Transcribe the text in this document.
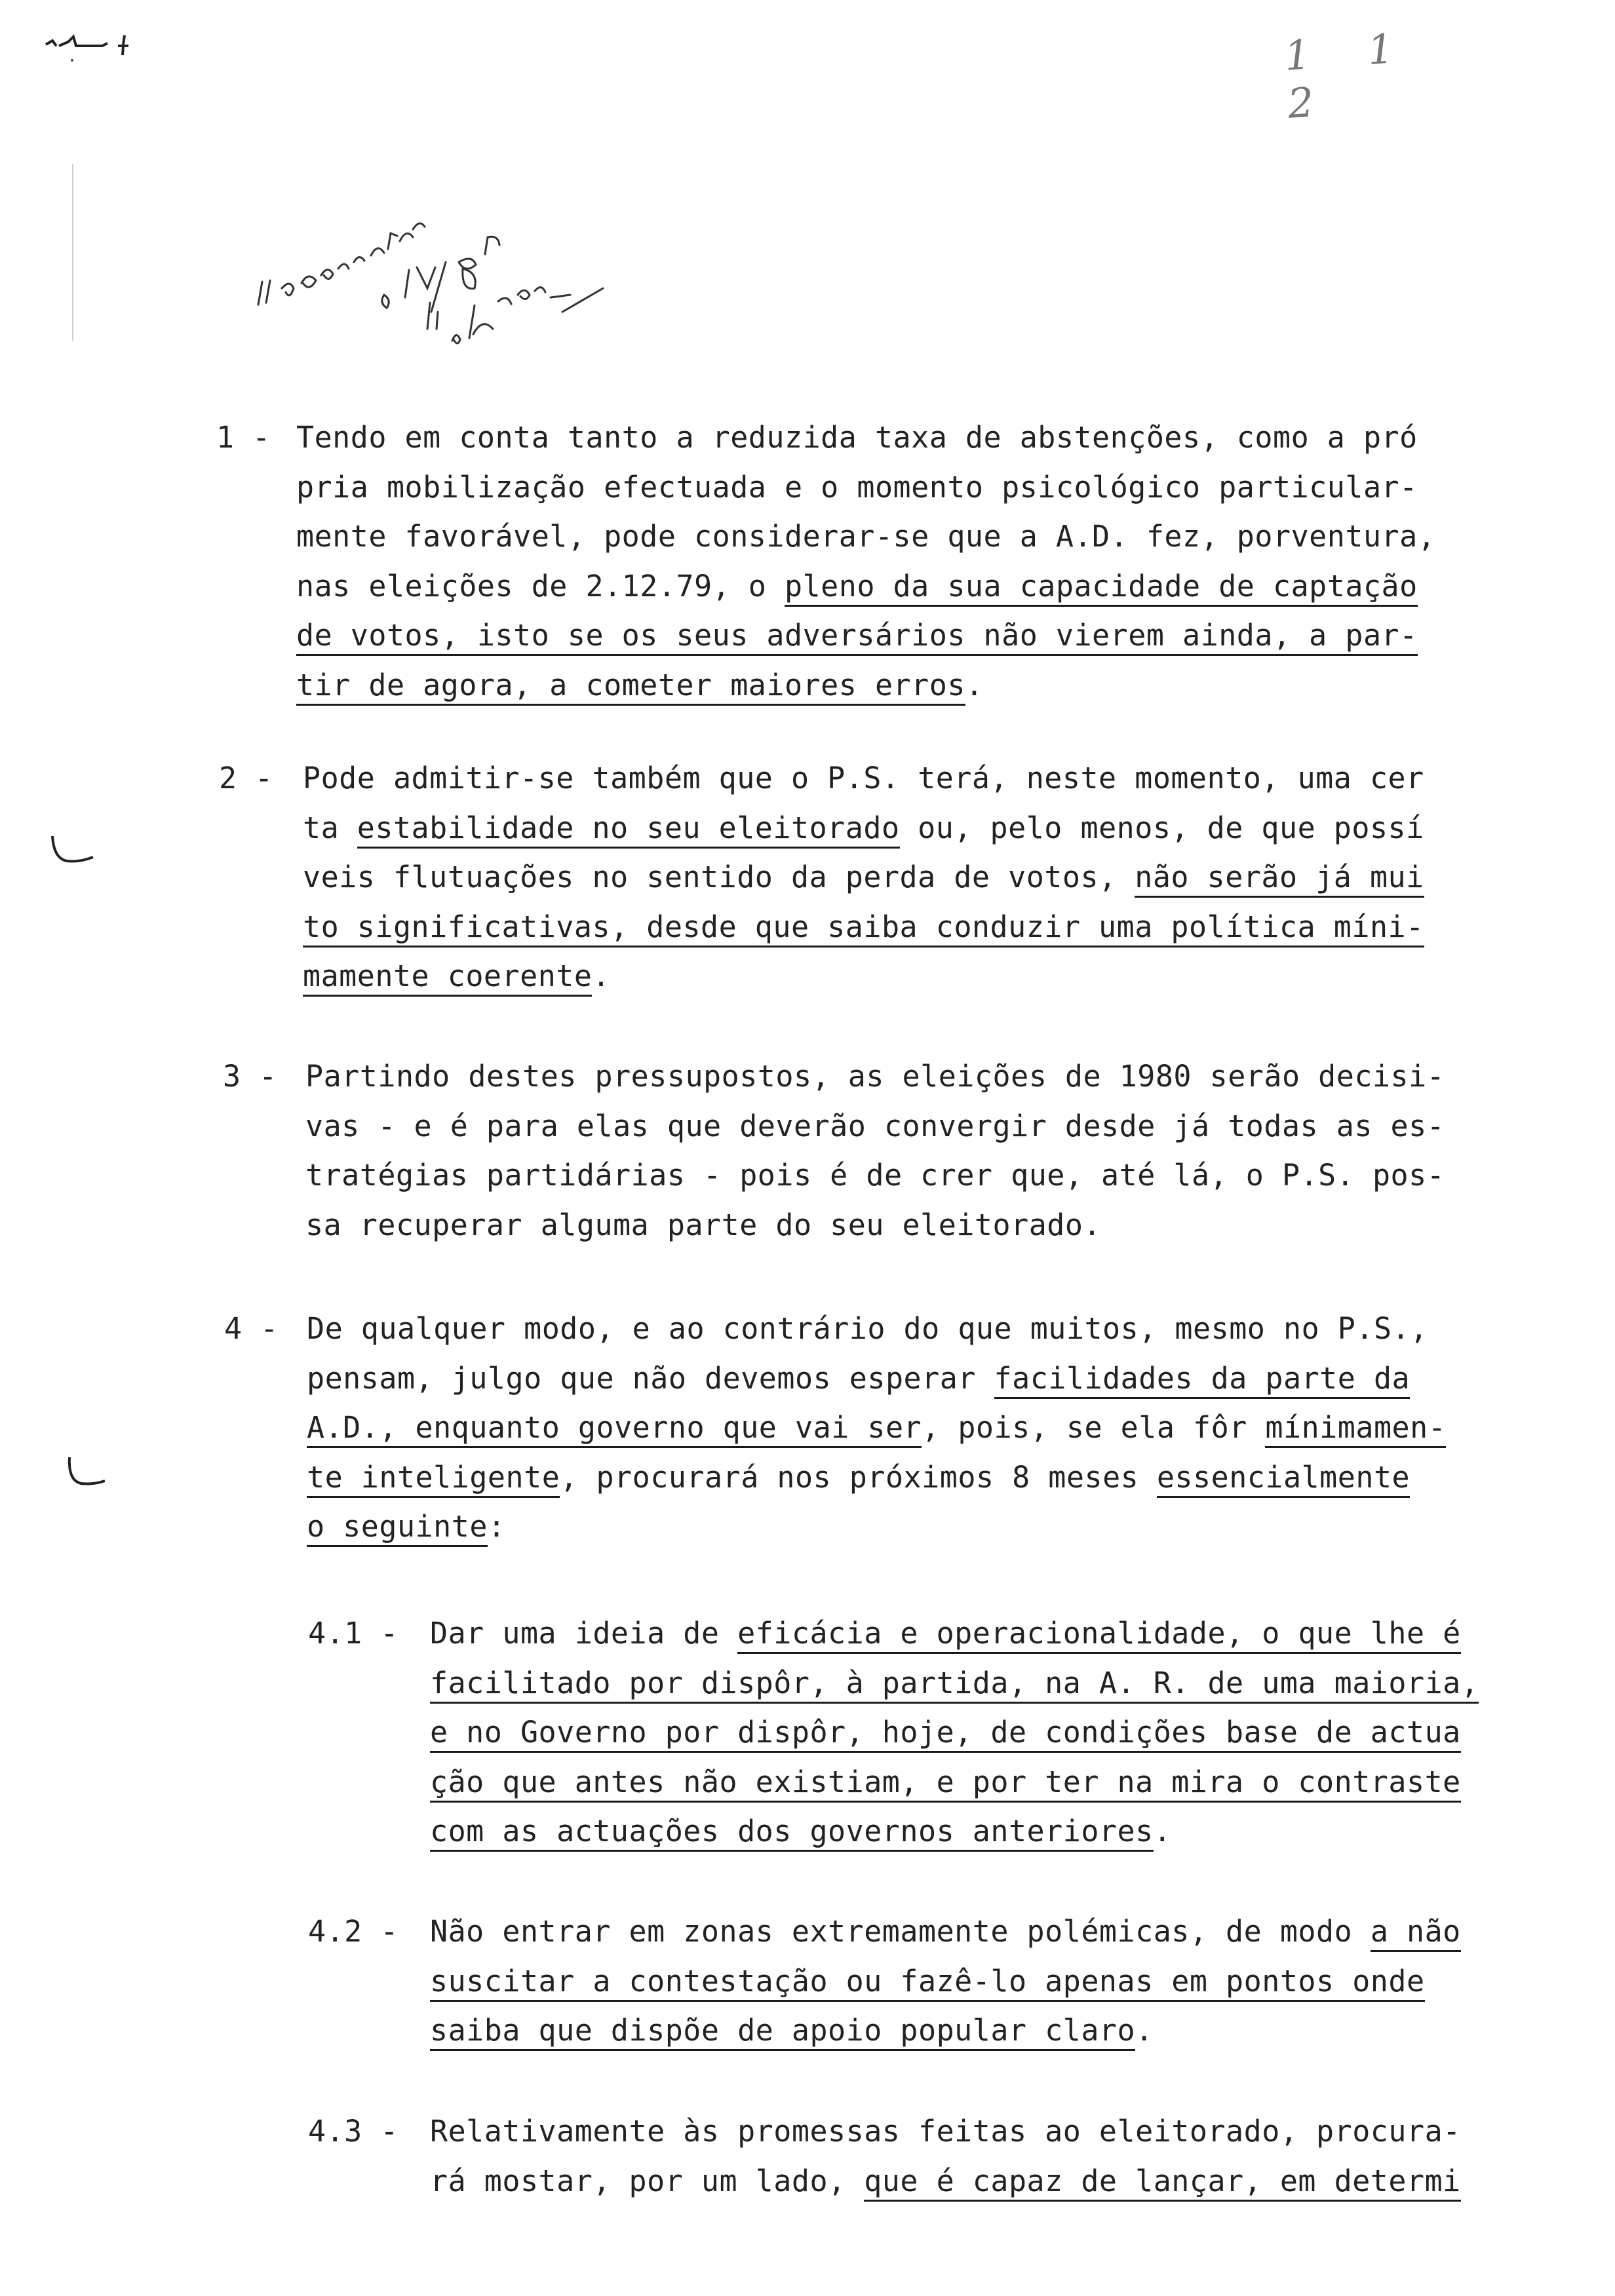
1 1 2
1 - Tendo em conta tanto a reduzida taxa de abstenções, como a pró
pria mobilização efectuada e o momento psicológico particular-
mente favorável, pode considerar-se que a A.D. fez, porventura,
nas eleições de 2.12.79, o pleno da sua capacidade de captação
de votos, isto se os seus adversários não vierem ainda, a par-
tir de agora, a cometer maiores erros.
2 - Pode admitir-se também que o P.S. terá, neste momento, uma cer
ta estabilidade no seu eleitorado ou, pelo menos, de que possí
veis flutuações no sentido da perda de votos, não serão já mui
to significativas, desde que saiba conduzir uma política míni-
mamente coerente.
3 - Partindo destes pressupostos, as eleições de 1980 serão decisi-
vas - e é para elas que deverão convergir desde já todas as es-
tratégias partidárias - pois é de crer que, até lá, o P.S. pos-
sa recuperar alguma parte do seu eleitorado.
4 - De qualquer modo, e ao contrário do que muitos, mesmo no P.S.,
pensam, julgo que não devemos esperar facilidades da parte da
A.D., enquanto governo que vai ser, pois, se ela fôr mínimamen-
te inteligente, procurará nos próximos 8 meses essencialmente
o seguinte:
4.1 - Dar uma ideia de eficácia e operacionalidade, o que lhe é
facilitado por dispôr, à partida, na A. R. de uma maioria,
e no Governo por dispôr, hoje, de condições base de actua
ção que antes não existiam, e por ter na mira o contraste
com as actuações dos governos anteriores.
4.2 - Não entrar em zonas extremamente polémicas, de modo a não
suscitar a contestação ou fazê-lo apenas em pontos onde
saiba que dispõe de apoio popular claro.
4.3 - Relativamente às promessas feitas ao eleitorado, procura-
rá mostar, por um lado, que é capaz de lançar, em determi
